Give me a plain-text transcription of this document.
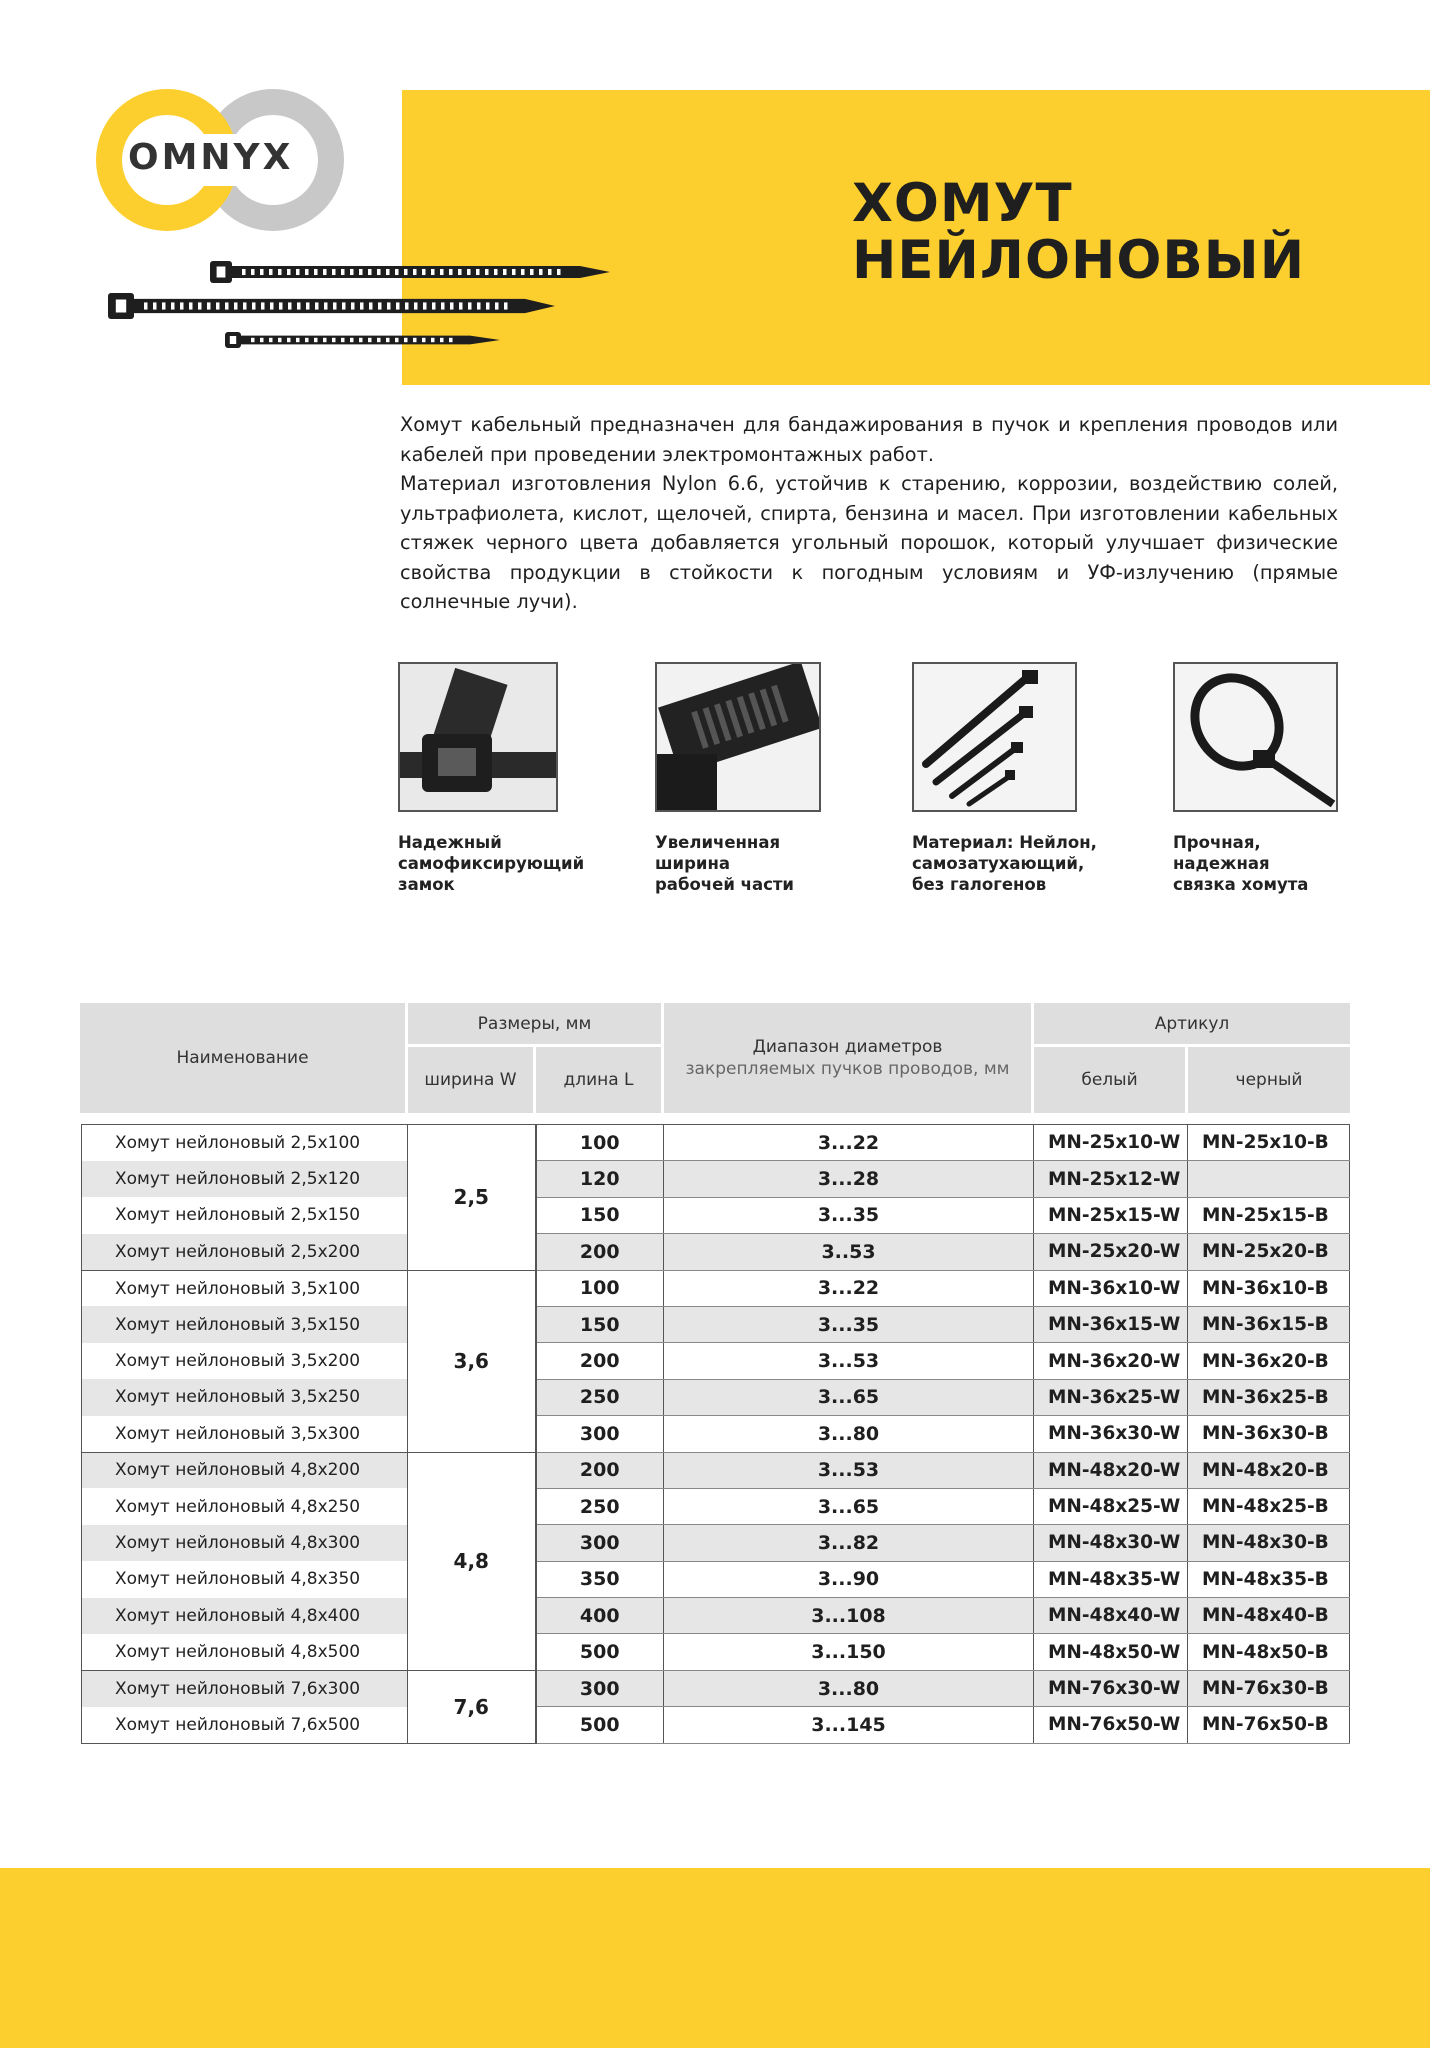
ХОМУТ
НЕЙЛОНОВЫЙ
OMNYX

Хомут кабельный предназначен для бандажирования в пучок и крепления проводов или кабелей при проведении электромонтажных работ.

Материал изготовления Nylon 6.6, устойчив к старению, коррозии, воздействию солей, ультрафиолета, кислот, щелочей, спирта, бензина и масел. При изготовлении кабельных стяжек черного цвета добавляется угольный порошок, который улучшает физические свойства продукции в стойкости к погодным условиям и УФ-излучению (прямые солнечные лучи).

Надежный
самофиксирующий
замок
Увеличенная
ширина
рабочей части
Материал: Нейлон,
самозатухающий,
без галогенов
Прочная,
надежная
связка хомута
Наименование
Размеры, мм
ширина W	длина L
Диапазон диаметров
закрепляемых пучков проводов, мм
Артикул
белый	черный
Хомут нейлоновый 2,5х100	2,5	100	3...22	MN-25x10-W	MN-25x10-B
Хомут нейлоновый 2,5х120		120	3...28	MN-25x12-W	
Хомут нейлоновый 2,5х150		150	3...35	MN-25x15-W	MN-25x15-B
Хомут нейлоновый 2,5х200		200	3..53	MN-25x20-W	MN-25x20-B
Хомут нейлоновый 3,5х100	3,6	100	3...22	MN-36x10-W	MN-36x10-B
Хомут нейлоновый 3,5х150		150	3...35	MN-36x15-W	MN-36x15-B
Хомут нейлоновый 3,5х200		200	3...53	MN-36x20-W	MN-36x20-B
Хомут нейлоновый 3,5х250		250	3...65	MN-36x25-W	MN-36x25-B
Хомут нейлоновый 3,5х300		300	3...80	MN-36x30-W	MN-36x30-B
Хомут нейлоновый 4,8х200	4,8	200	3...53	MN-48x20-W	MN-48x20-B
Хомут нейлоновый 4,8х250		250	3...65	MN-48x25-W	MN-48x25-B
Хомут нейлоновый 4,8х300		300	3...82	MN-48x30-W	MN-48x30-B
Хомут нейлоновый 4,8х350		350	3...90	MN-48x35-W	MN-48x35-B
Хомут нейлоновый 4,8х400		400	3...108	MN-48x40-W	MN-48x40-B
Хомут нейлоновый 4,8х500		500	3...150	MN-48x50-W	MN-48x50-B
Хомут нейлоновый 7,6х300	7,6	300	3...80	MN-76x30-W	MN-76x30-B
Хомут нейлоновый 7,6х500		500	3...145	MN-76x50-W	MN-76x50-B
